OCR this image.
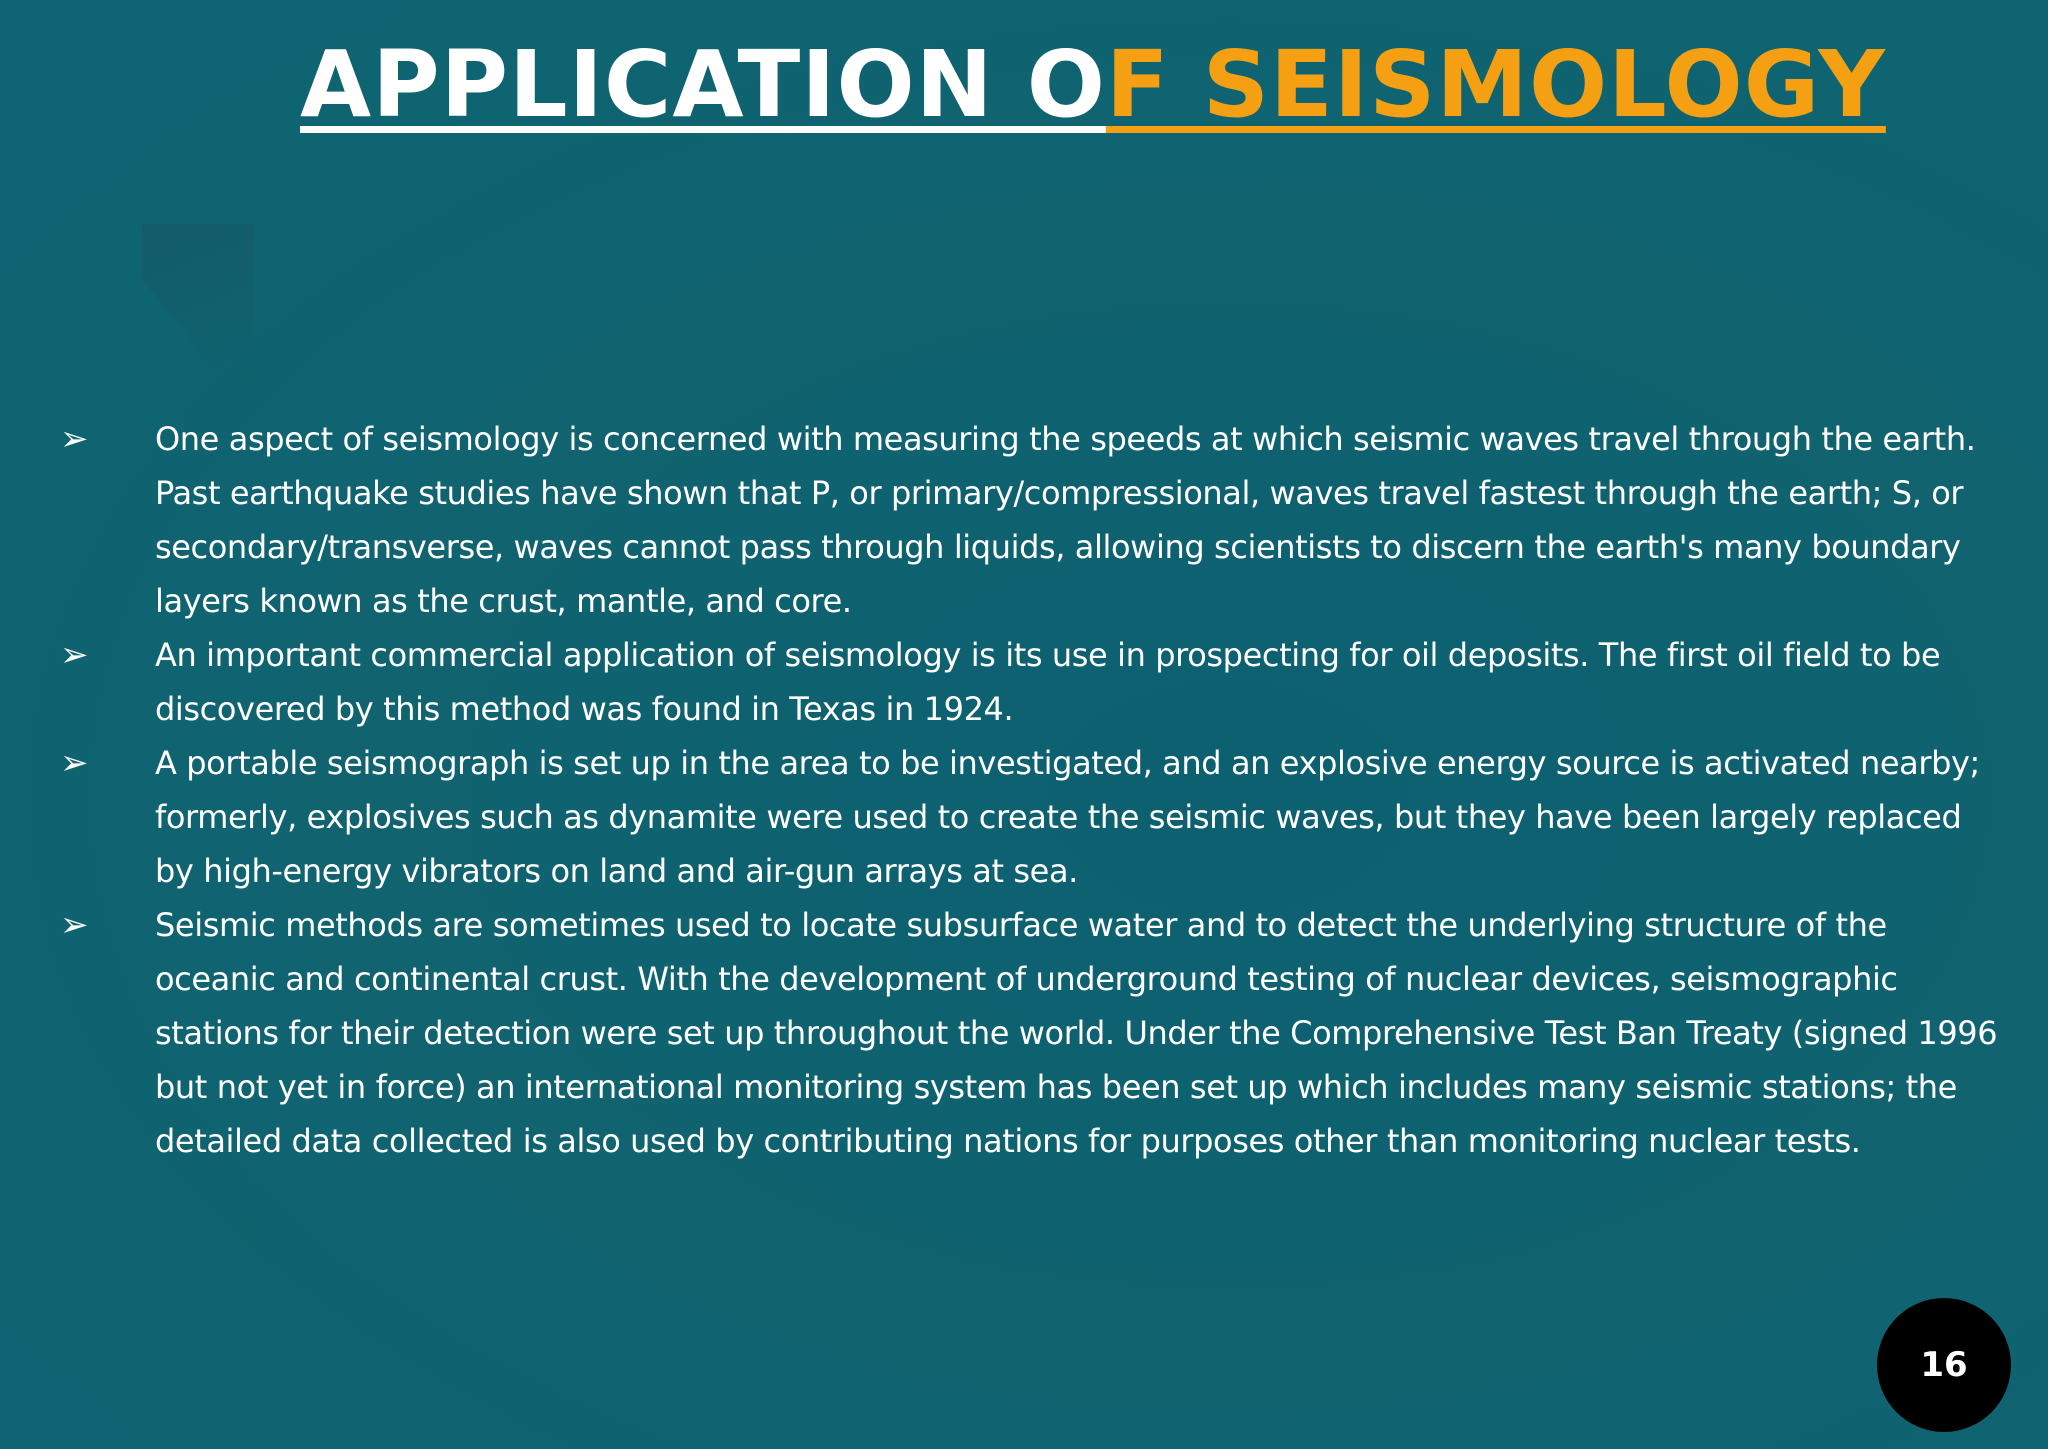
APPLICATION OF SEISMOLOGY
➢	One aspect of seismology is concerned with measuring the speeds at which seismic waves travel through the earth. Past earthquake studies have shown that P, or primary/compressional, waves travel fastest through the earth; S, or secondary/transverse, waves cannot pass through liquids, allowing scientists to discern the earth's many boundary layers known as the crust, mantle, and core.
➢	An important commercial application of seismology is its use in prospecting for oil deposits. The first oil field to be discovered by this method was found in Texas in 1924.
➢	A portable seismograph is set up in the area to be investigated, and an explosive energy source is activated nearby; formerly, explosives such as dynamite were used to create the seismic waves, but they have been largely replaced by high-energy vibrators on land and air-gun arrays at sea.
➢	Seismic methods are sometimes used to locate subsurface water and to detect the underlying structure of the oceanic and continental crust. With the development of underground testing of nuclear devices, seismographic stations for their detection were set up throughout the world. Under the Comprehensive Test Ban Treaty (signed 1996 but not yet in force) an international monitoring system has been set up which includes many seismic stations; the detailed data collected is also used by contributing nations for purposes other than monitoring nuclear tests.
16
